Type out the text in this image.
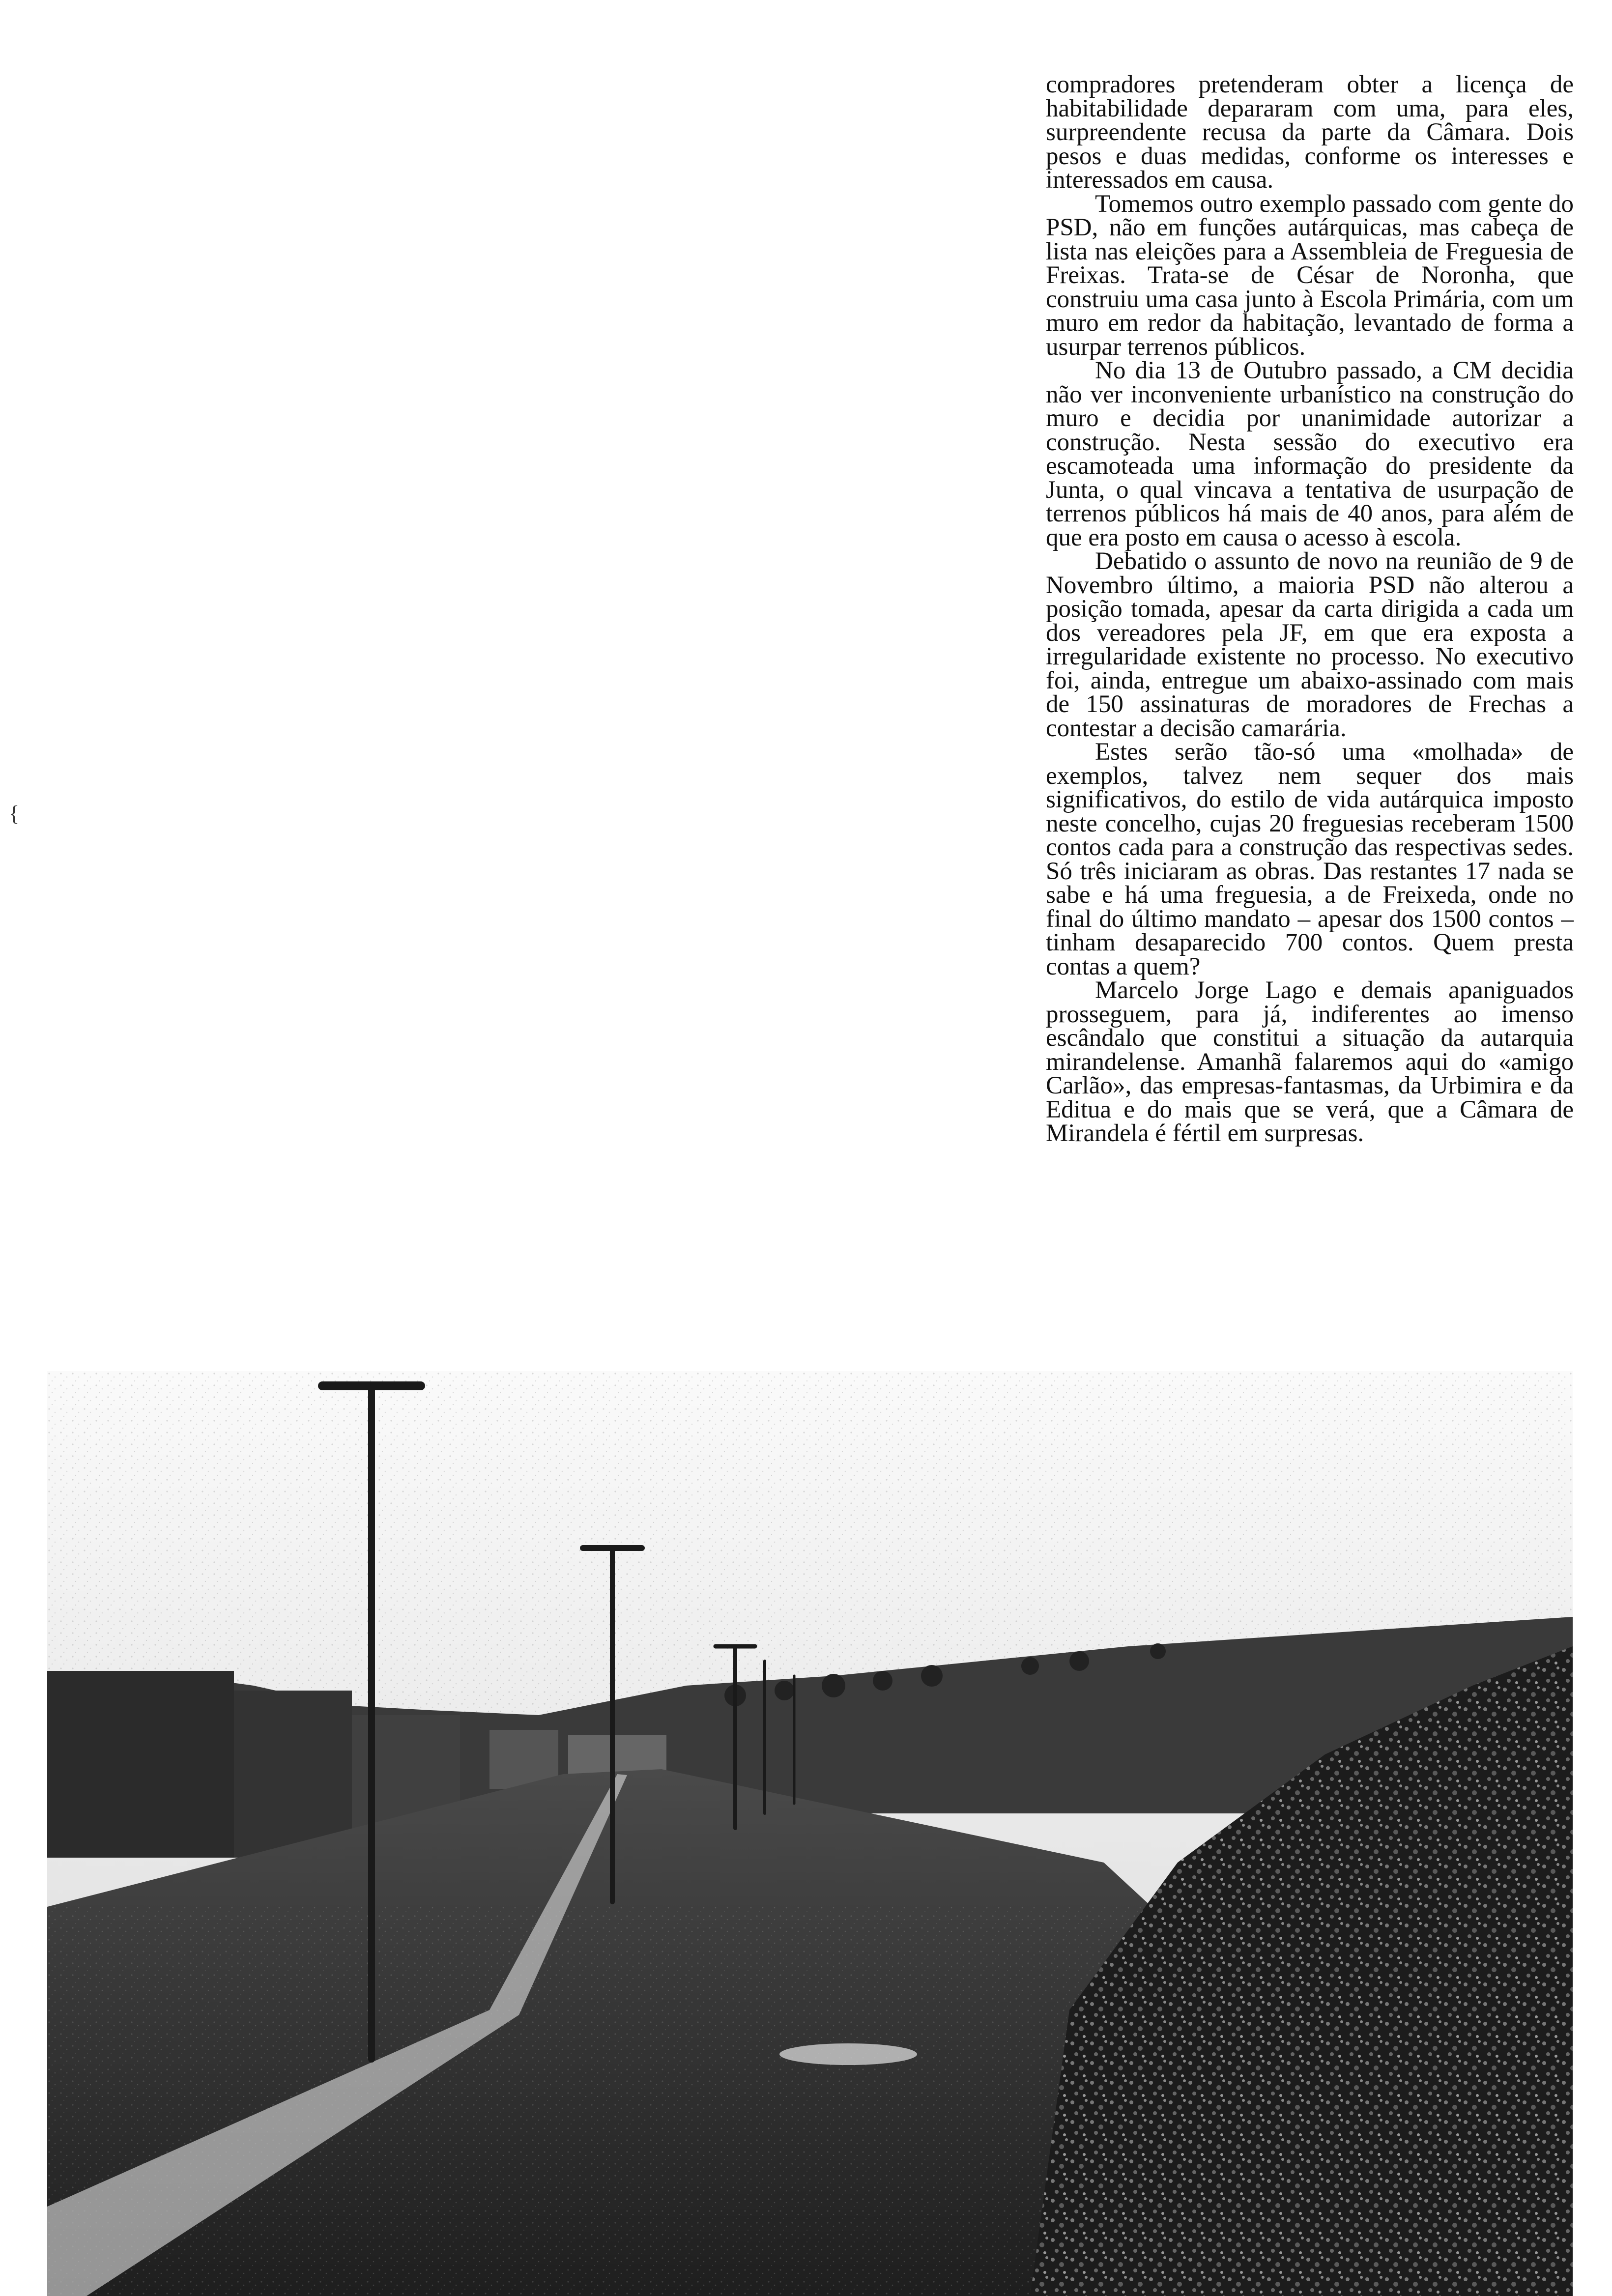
compradores pretenderam obter a licença de habitabilidade depararam com uma, para eles, surpreendente recusa da parte da Câmara. Dois pesos e duas medidas, conforme os interesses e interessados em causa.

Tomemos outro exemplo passado com gente do PSD, não em funções autárquicas, mas cabeça de lista nas eleições para a Assembleia de Freguesia de Freixas. Trata-se de César de Noronha, que construiu uma casa junto à Escola Primária, com um muro em redor da habitação, levantado de forma a usurpar terrenos públicos.

No dia 13 de Outubro passado, a CM decidia não ver inconveniente urbanístico na construção do muro e decidia por unanimidade autorizar a construção. Nesta sessão do executivo era escamoteada uma informação do presidente da Junta, o qual vincava a tentativa de usurpação de terrenos públicos há mais de 40 anos, para além de que era posto em causa o acesso à escola.

Debatido o assunto de novo na reunião de 9 de Novembro último, a maioria PSD não alterou a posição tomada, apesar da carta dirigida a cada um dos vereadores pela JF, em que era exposta a irregularidade existente no processo. No executivo foi, ainda, entregue um abaixo-assinado com mais de 150 assinaturas de moradores de Frechas a contestar a decisão camarária.

Estes serão tão-só uma «molhada» de exemplos, talvez nem sequer dos mais significativos, do estilo de vida autárquica imposto neste concelho, cujas 20 freguesias receberam 1500 contos cada para a construção das respectivas sedes. Só três iniciaram as obras. Das restantes 17 nada se sabe e há uma freguesia, a de Freixeda, onde no final do último mandato – apesar dos 1500 contos – tinham desaparecido 700 contos. Quem presta contas a quem?

Marcelo Jorge Lago e demais apaniguados prosseguem, para já, indiferentes ao imenso escândalo que constitui a situação da autarquia mirandelense. Amanhã falaremos aqui do «amigo Carlão», das empresas-fantasmas, da Urbimira e da Editua e do mais que se verá, que a Câmara de Mirandela é fértil em surpresas.

{
